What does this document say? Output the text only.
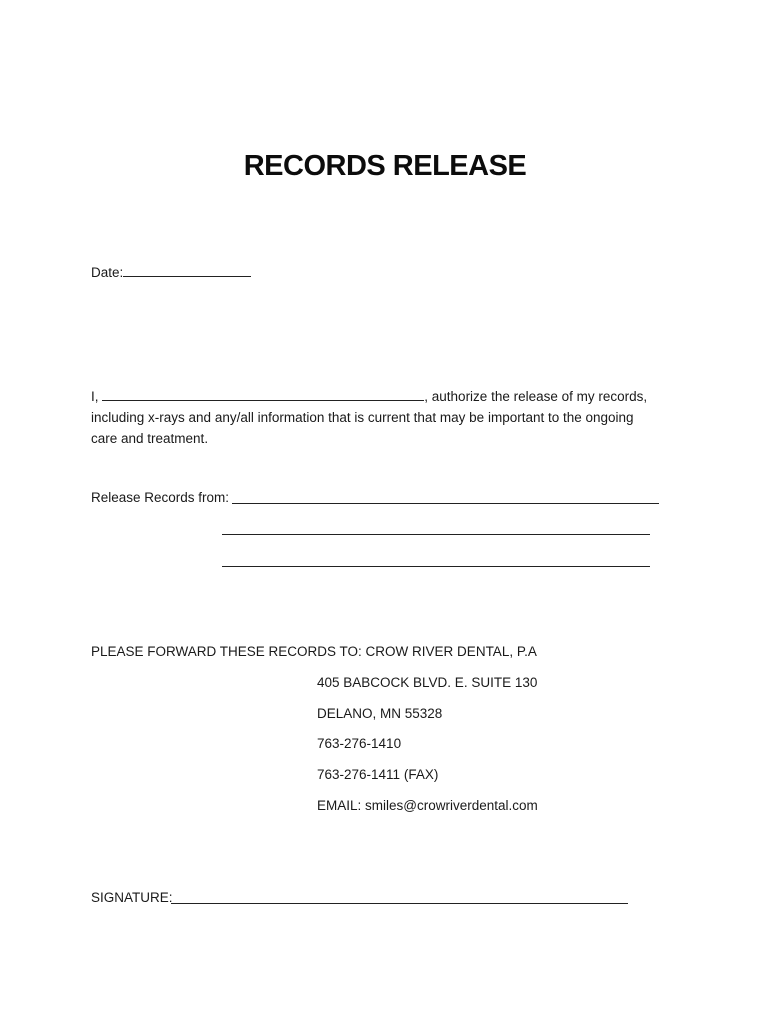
RECORDS RELEASE
Date:
I,	, authorize the release of my records,
including x-rays and any/all information that is current that may be important to the ongoing
care and treatment.
Release Records from:
PLEASE FORWARD THESE RECORDS TO: CROW RIVER DENTAL, P.A
405 BABCOCK BLVD. E. SUITE 130
DELANO, MN 55328
763-276-1410
763-276-1411 (FAX)
EMAIL: smiles@crowriverdental.com
SIGNATURE:
